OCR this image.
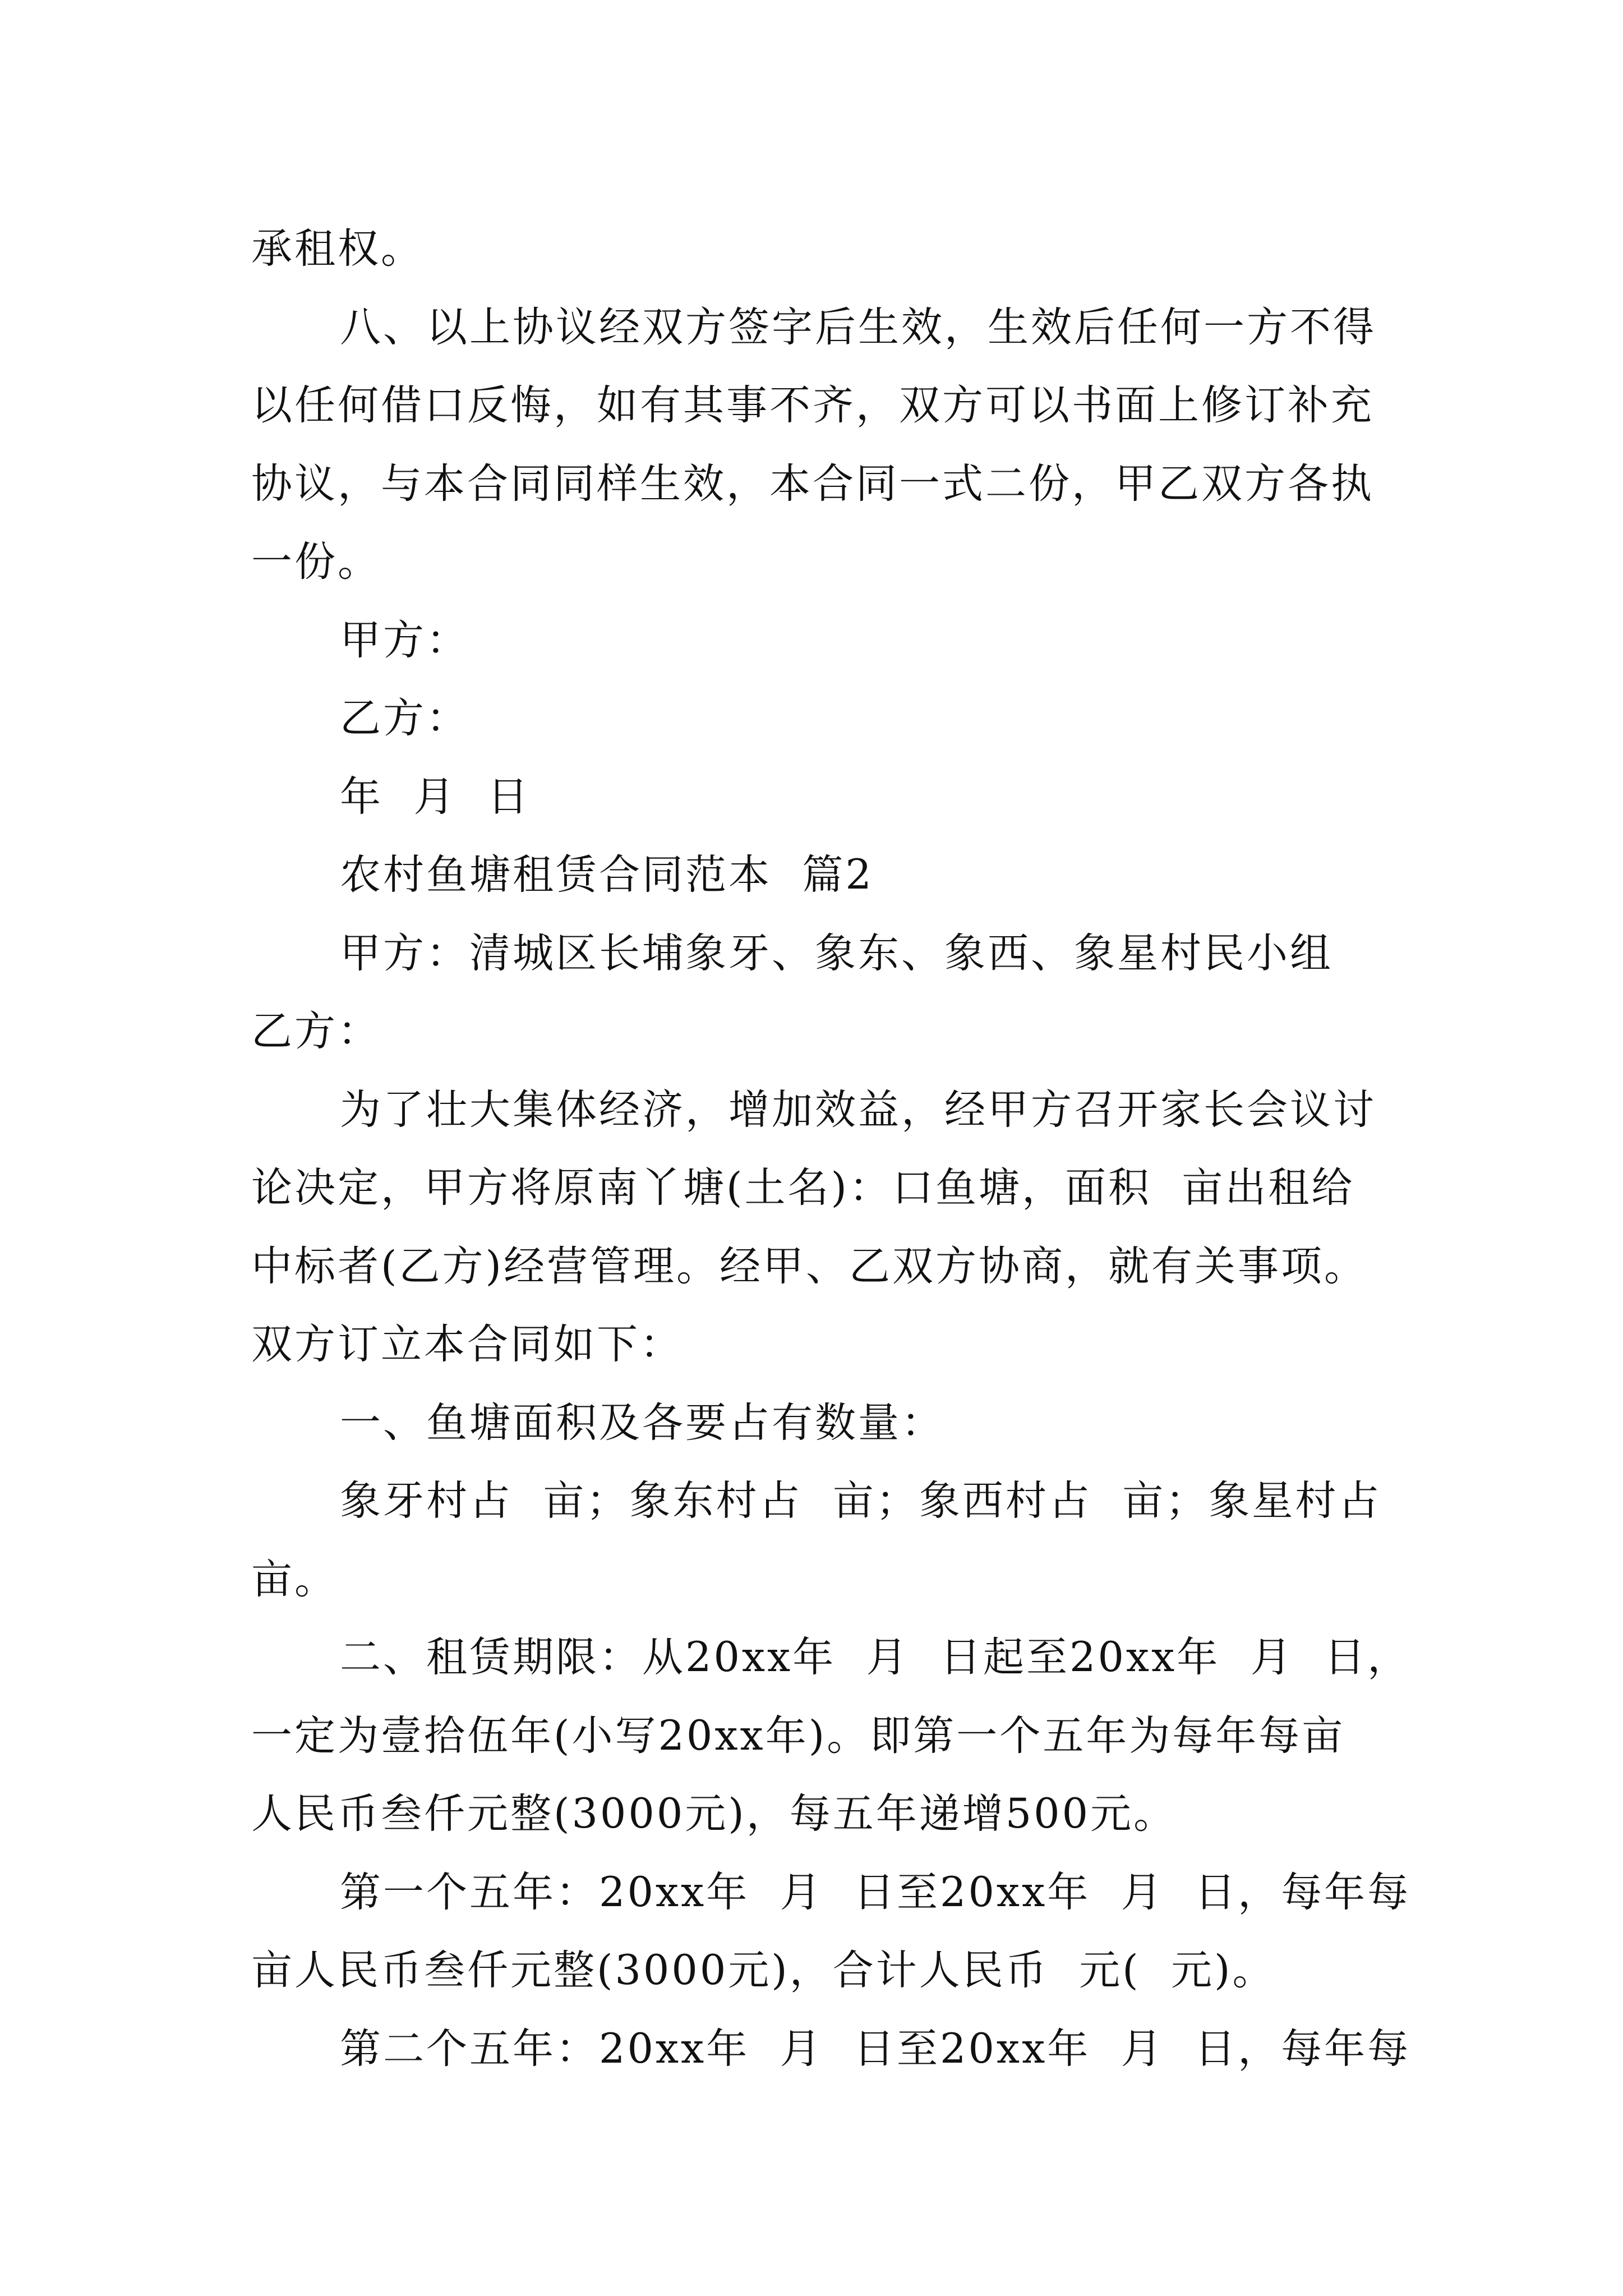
承租权。
八、以上协议经双方签字后生效，生效后任何一方不得
以任何借口反悔，如有其事不齐，双方可以书面上修订补充
协议，与本合同同样生效，本合同一式二份，甲乙双方各执
一份。
甲方：
乙方：
年  月  日
农村鱼塘租赁合同范本  篇2
甲方：清城区长埔象牙、象东、象西、象星村民小组
乙方：
为了壮大集体经济，增加效益，经甲方召开家长会议讨
论决定，甲方将原南丫塘(土名)：口鱼塘，面积  亩出租给
中标者(乙方)经营管理。经甲、乙双方协商，就有关事项。
双方订立本合同如下：
一、鱼塘面积及各要占有数量：
象牙村占  亩；象东村占  亩；象西村占  亩；象星村占
亩。
二、租赁期限：从20xx年  月  日起至20xx年  月  日，
一定为壹拾伍年(小写20xx年)。即第一个五年为每年每亩
人民币叁仟元整(3000元)，每五年递增500元。
第一个五年：20xx年  月  日至20xx年  月  日，每年每
亩人民币叁仟元整(3000元)，合计人民币  元(  元)。
第二个五年：20xx年  月  日至20xx年  月  日，每年每
